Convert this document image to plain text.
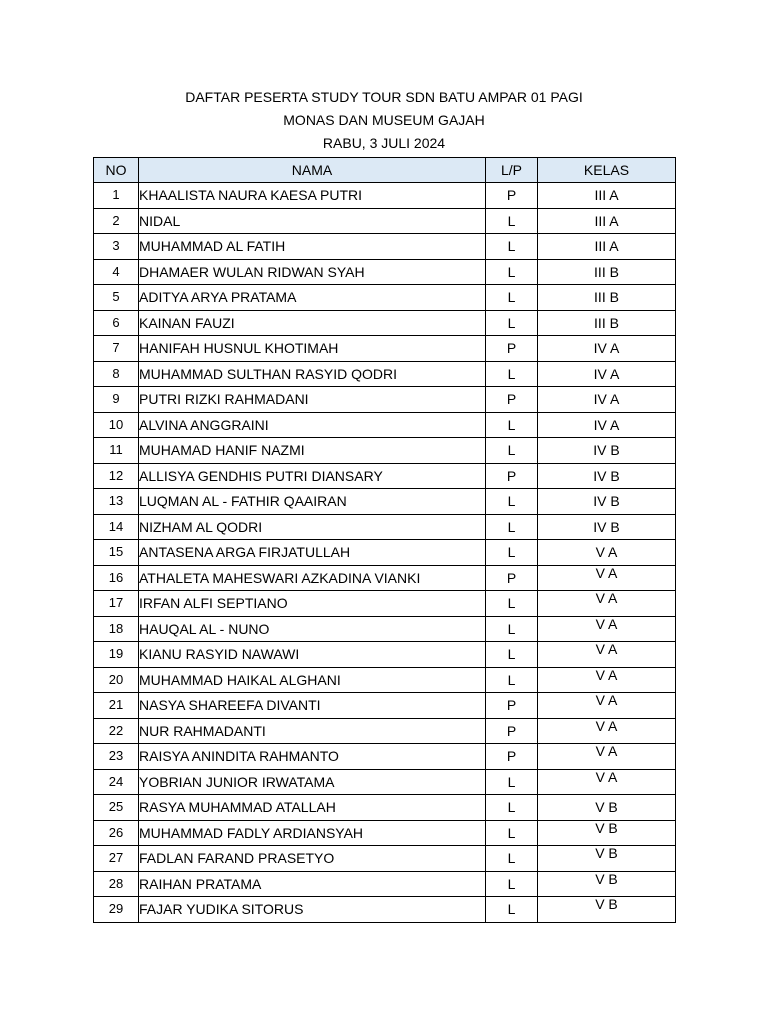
DAFTAR PESERTA STUDY TOUR SDN BATU AMPAR 01 PAGI
MONAS DAN MUSEUM GAJAH
RABU, 3 JULI 2024
NO	NAMA	L/P	KELAS
1	KHAALISTA NAURA KAESA PUTRI	P	III A
2	NIDAL	L	III A
3	MUHAMMAD AL FATIH	L	III A
4	DHAMAER WULAN RIDWAN SYAH	L	III B
5	ADITYA ARYA PRATAMA	L	III B
6	KAINAN FAUZI	L	III B
7	HANIFAH HUSNUL KHOTIMAH	P	IV A
8	MUHAMMAD SULTHAN RASYID QODRI	L	IV A
9	PUTRI RIZKI RAHMADANI	P	IV A
10	ALVINA ANGGRAINI	L	IV A
11	MUHAMAD HANIF NAZMI	L	IV B
12	ALLISYA GENDHIS PUTRI DIANSARY	P	IV B
13	LUQMAN AL - FATHIR QAAIRAN	L	IV B
14	NIZHAM AL QODRI	L	IV B
15	ANTASENA ARGA FIRJATULLAH	L	V A
16	ATHALETA MAHESWARI AZKADINA VIANKI	P	V A
17	IRFAN ALFI SEPTIANO	L	V A
18	HAUQAL AL - NUNO	L	V A
19	KIANU RASYID NAWAWI	L	V A
20	MUHAMMAD HAIKAL ALGHANI	L	V A
21	NASYA SHAREEFA DIVANTI	P	V A
22	NUR RAHMADANTI	P	V A
23	RAISYA ANINDITA RAHMANTO	P	V A
24	YOBRIAN JUNIOR IRWATAMA	L	V A
25	RASYA MUHAMMAD ATALLAH	L	V B
26	MUHAMMAD FADLY ARDIANSYAH	L	V B
27	FADLAN FARAND PRASETYO	L	V B
28	RAIHAN PRATAMA	L	V B
29	FAJAR YUDIKA SITORUS	L	V B
